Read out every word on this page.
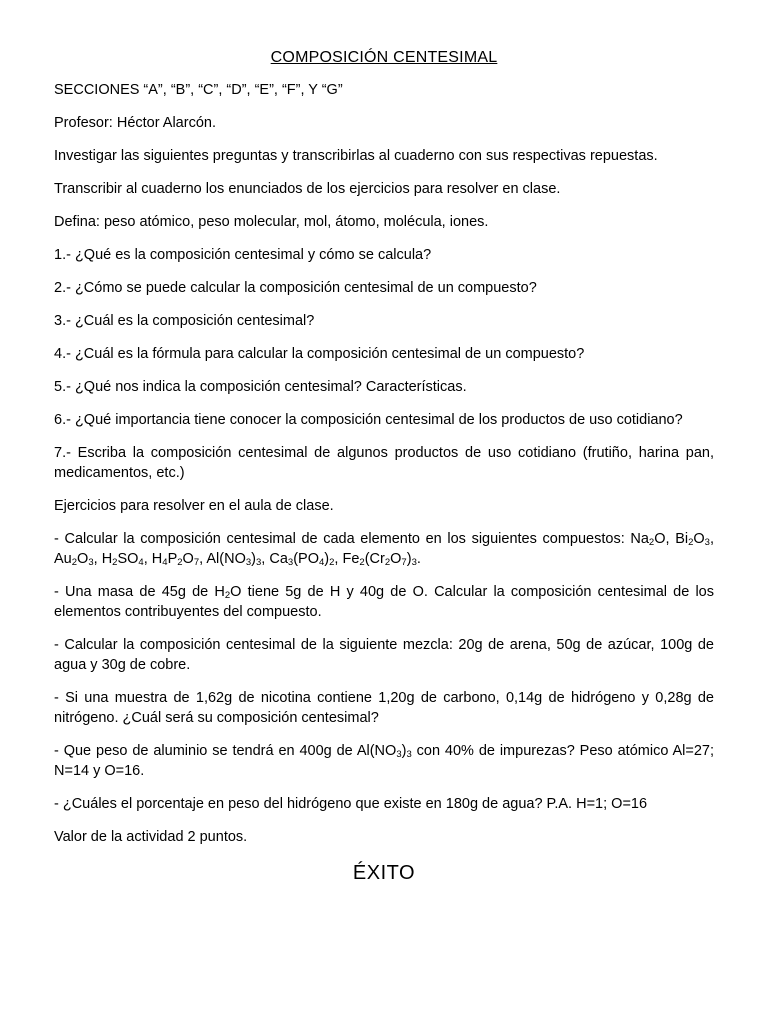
COMPOSICIÓN CENTESIMAL

SECCIONES “A”, “B”, “C”, “D”, “E”, “F”, Y “G”

Profesor: Héctor Alarcón.

Investigar las siguientes preguntas y transcribirlas al cuaderno con sus respectivas repuestas.

Transcribir al cuaderno los enunciados de los ejercicios para resolver en clase.

Defina: peso atómico, peso molecular, mol, átomo, molécula, iones.

1.- ¿Qué es la composición centesimal y cómo se calcula?

2.- ¿Cómo se puede calcular la composición centesimal de un compuesto?

3.- ¿Cuál es la composición centesimal?

4.- ¿Cuál es la fórmula para calcular la composición centesimal de un compuesto?

5.- ¿Qué nos indica la composición centesimal? Características.

6.- ¿Qué importancia tiene conocer la composición centesimal de los productos de uso cotidiano?

7.- Escriba la composición centesimal de algunos productos de uso cotidiano (frutiño, harina pan, medicamentos, etc.)

Ejercicios para resolver en el aula de clase.

- Calcular la composición centesimal de cada elemento en los siguientes compuestos: $Na_2O$, $Bi_2O_3$, $Au_2O_3$, $H_2SO_4$, $H_4P_2O_7$, $Al(NO_3)_3$, $Ca_3(PO_4)_2$, $Fe_2(Cr_2O_7)_3$.

- Una masa de 45g de $H_2O$ tiene 5g de H y 40g de O. Calcular la composición centesimal de los elementos contribuyentes del compuesto.

- Calcular la composición centesimal de la siguiente mezcla: 20g de arena, 50g de azúcar, 100g de agua y 30g de cobre.

- Si una muestra de 1,62g de nicotina contiene 1,20g de carbono, 0,14g de hidrógeno y 0,28g de nitrógeno. ¿Cuál será su composición centesimal?

- Que peso de aluminio se tendrá en 400g de $Al(NO_3)_3$ con 40% de impurezas? Peso atómico Al=27; N=14 y O=16.

- ¿Cuáles el porcentaje en peso del hidrógeno que existe en 180g de agua? P.A. H=1; O=16

Valor de la actividad 2 puntos.

ÉXITO
